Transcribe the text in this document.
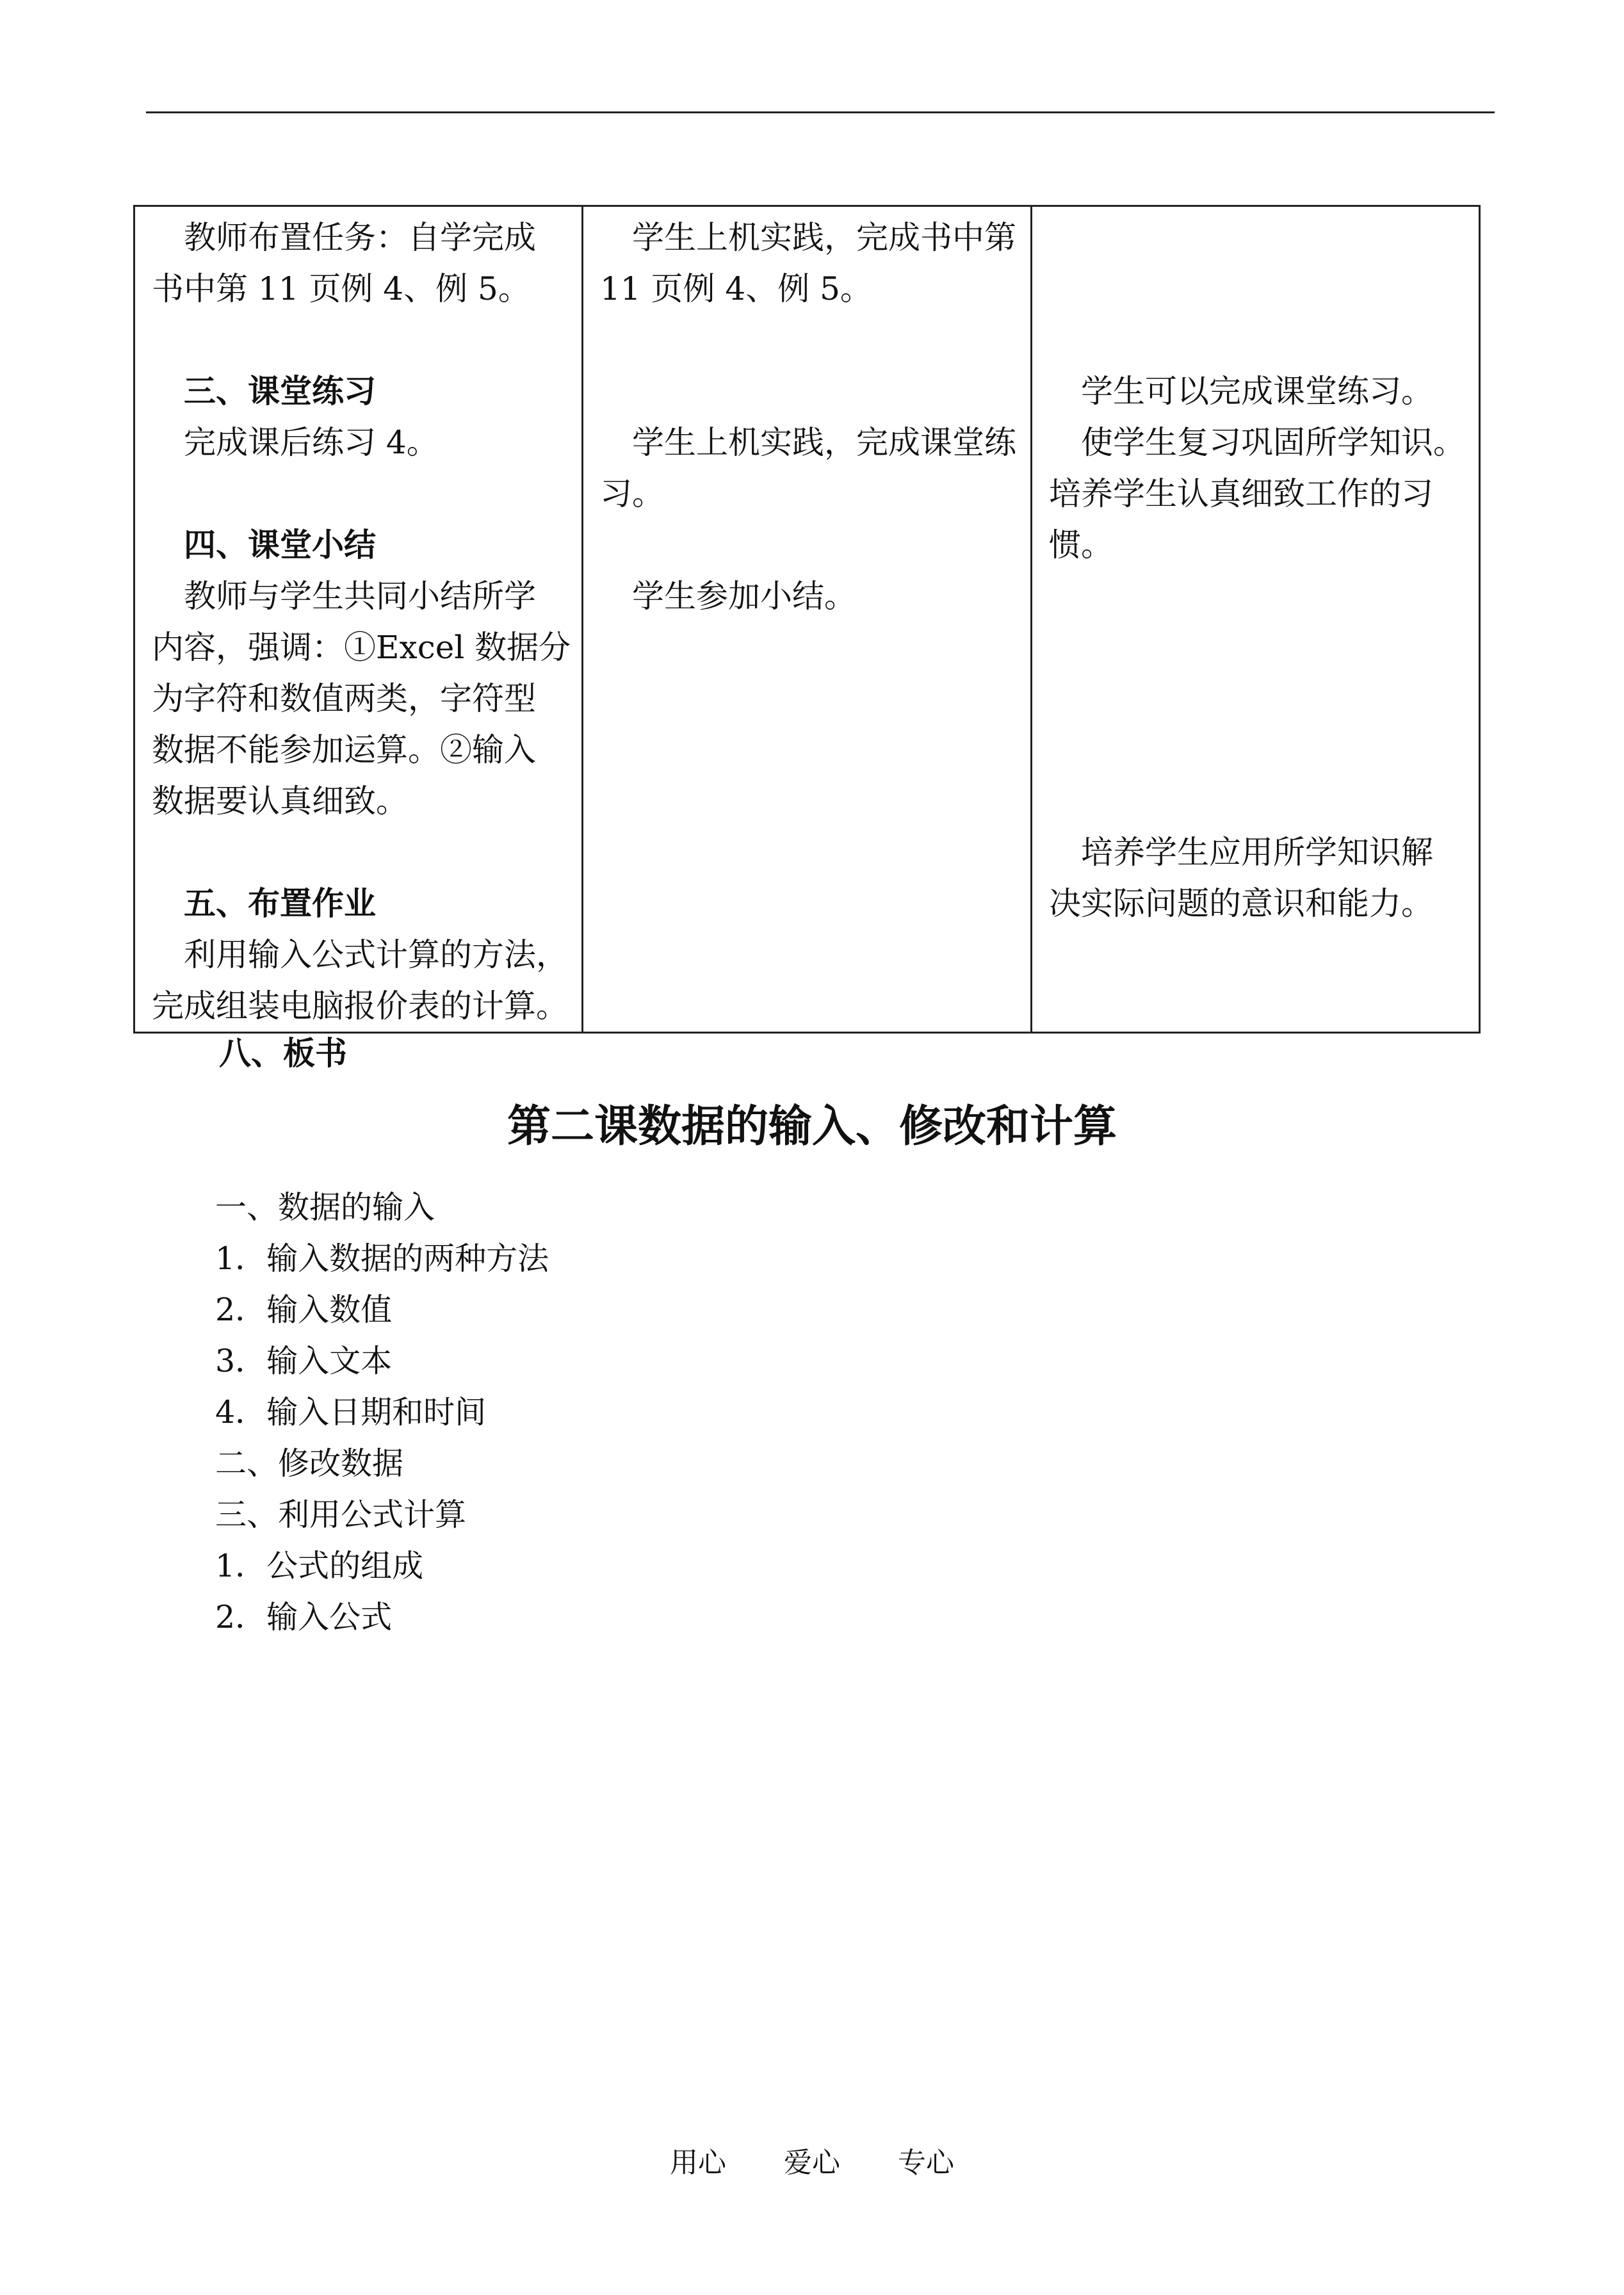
教师布置任务：自学完成
书中第 11 页例 4、例 5。
三、课堂练习
完成课后练习 4。
四、课堂小结
教师与学生共同小结所学
内容，强调：①Excel 数据分
为字符和数值两类，字符型
数据不能参加运算。②输入
数据要认真细致。
五、布置作业
利用输入公式计算的方法，
完成组装电脑报价表的计算。

学生上机实践，完成书中第
11 页例 4、例 5。
学生上机实践，完成课堂练
习。
学生参加小结。

学生可以完成课堂练习。
使学生复习巩固所学知识。
培养学生认真细致工作的习
惯。
培养学生应用所学知识解
决实际问题的意识和能力。
八、板书
第二课数据的输入、修改和计算
一、数据的输入
1．输入数据的两种方法
2．输入数值
3．输入文本
4．输入日期和时间
二、修改数据
三、利用公式计算
1．公式的组成
2．输入公式
用心 爱心 专心
